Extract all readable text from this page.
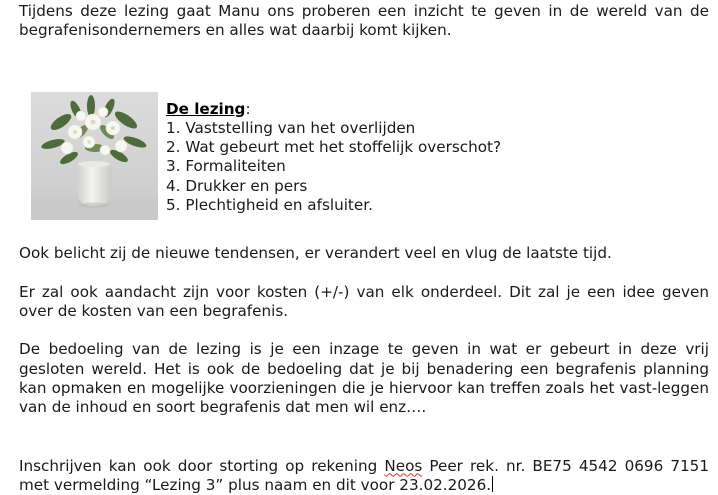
Tijdens deze lezing gaat Manu ons proberen een inzicht te geven in de wereld van de begrafenisondernemers en alles wat daarbij komt kijken.

De lezing:
1. Vaststelling van het overlijden
2. Wat gebeurt met het stoffelijk overschot?
3. Formaliteiten
4. Drukker en pers
5. Plechtigheid en afsluiter.

Ook belicht zij de nieuwe tendensen, er verandert veel en vlug de laatste tijd.

Er zal ook aandacht zijn voor kosten (+/-) van elk onderdeel. Dit zal je een idee geven over de kosten van een begrafenis.

De bedoeling van de lezing is je een inzage te geven in wat er gebeurt in deze vrij gesloten wereld. Het is ook de bedoeling dat je bij benadering een begrafenis planning kan opmaken en mogelijke voorzieningen die je hiervoor kan treffen zoals het vast-leggen van de inhoud en soort begrafenis dat men wil enz….

Inschrijven kan ook door storting op rekening Neos Peer rek. nr. BE75 4542 0696 7151 met vermelding “Lezing 3” plus naam en dit voor 23.02.2026.
